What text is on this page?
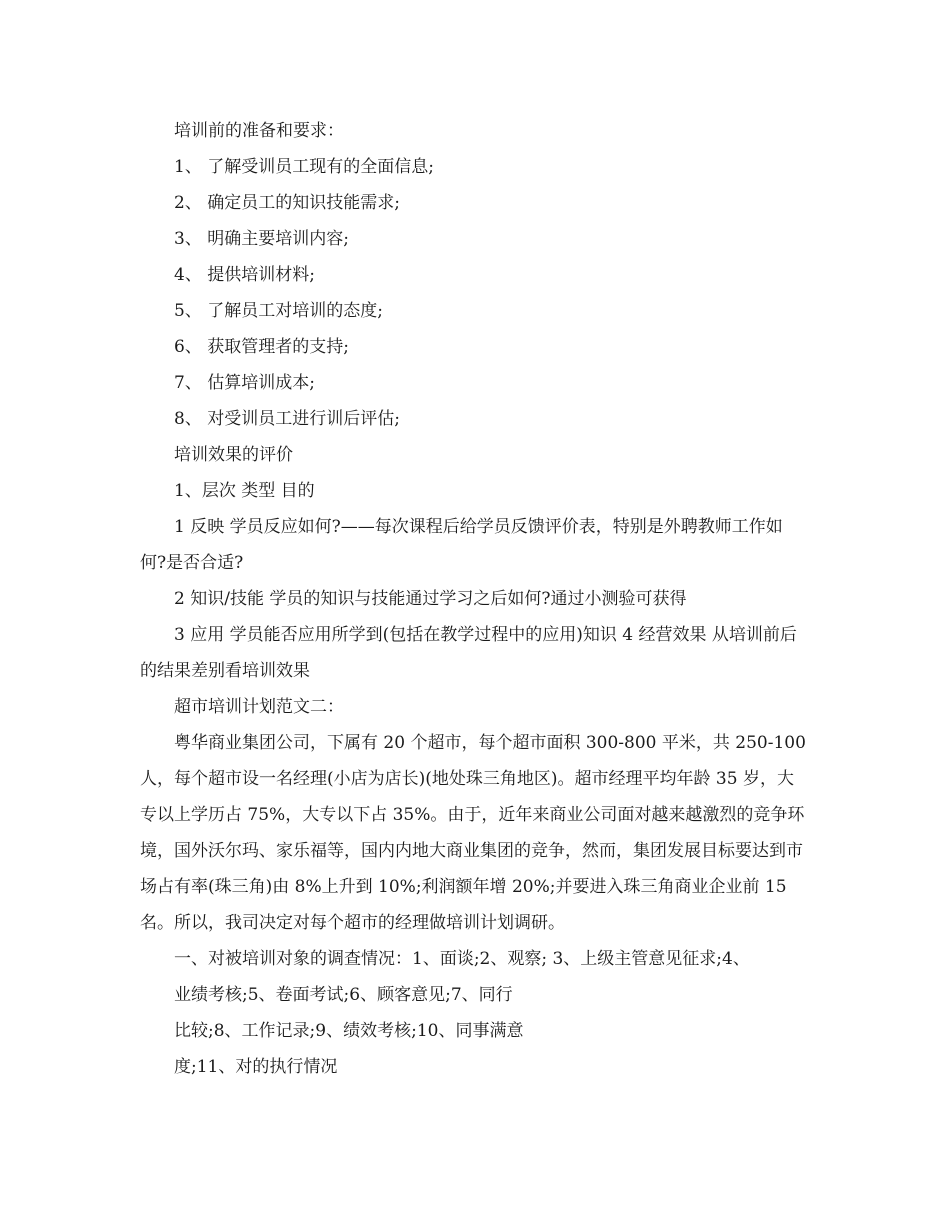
培训前的准备和要求：

1、 了解受训员工现有的全面信息;

2、 确定员工的知识技能需求;

3、 明确主要培训内容;

4、 提供培训材料;

5、 了解员工对培训的态度;

6、 获取管理者的支持;

7、 估算培训成本;

8、 对受训员工进行训后评估;

培训效果的评价

1、层次 类型 目的

1 反映 学员反应如何?——每次课程后给学员反馈评价表，特别是外聘教师工作如何?是否合适?

2 知识/技能 学员的知识与技能通过学习之后如何?通过小测验可获得

3 应用 学员能否应用所学到(包括在教学过程中的应用)知识 4 经营效果 从培训前后的结果差别看培训效果

超市培训计划范文二：

粤华商业集团公司，下属有 20 个超市，每个超市面积 300-800 平米，共 250-100 人，每个超市设一名经理(小店为店长)(地处珠三角地区)。超市经理平均年龄 35 岁，大专以上学历占 75%，大专以下占 35%。由于，近年来商业公司面对越来越激烈的竞争环境，国外沃尔玛、家乐福等，国内内地大商业集团的竞争，然而，集团发展目标要达到市场占有率(珠三角)由 8%上升到 10%;利润额年增 20%;并要进入珠三角商业企业前 15 名。所以，我司决定对每个超市的经理做培训计划调研。

一、对被培训对象的调查情况：1、面谈;2、观察; 3、上级主管意见征求;4、

业绩考核;5、卷面考试;6、顾客意见;7、同行

比较;8、工作记录;9、绩效考核;10、同事满意

度;11、对的执行情况
